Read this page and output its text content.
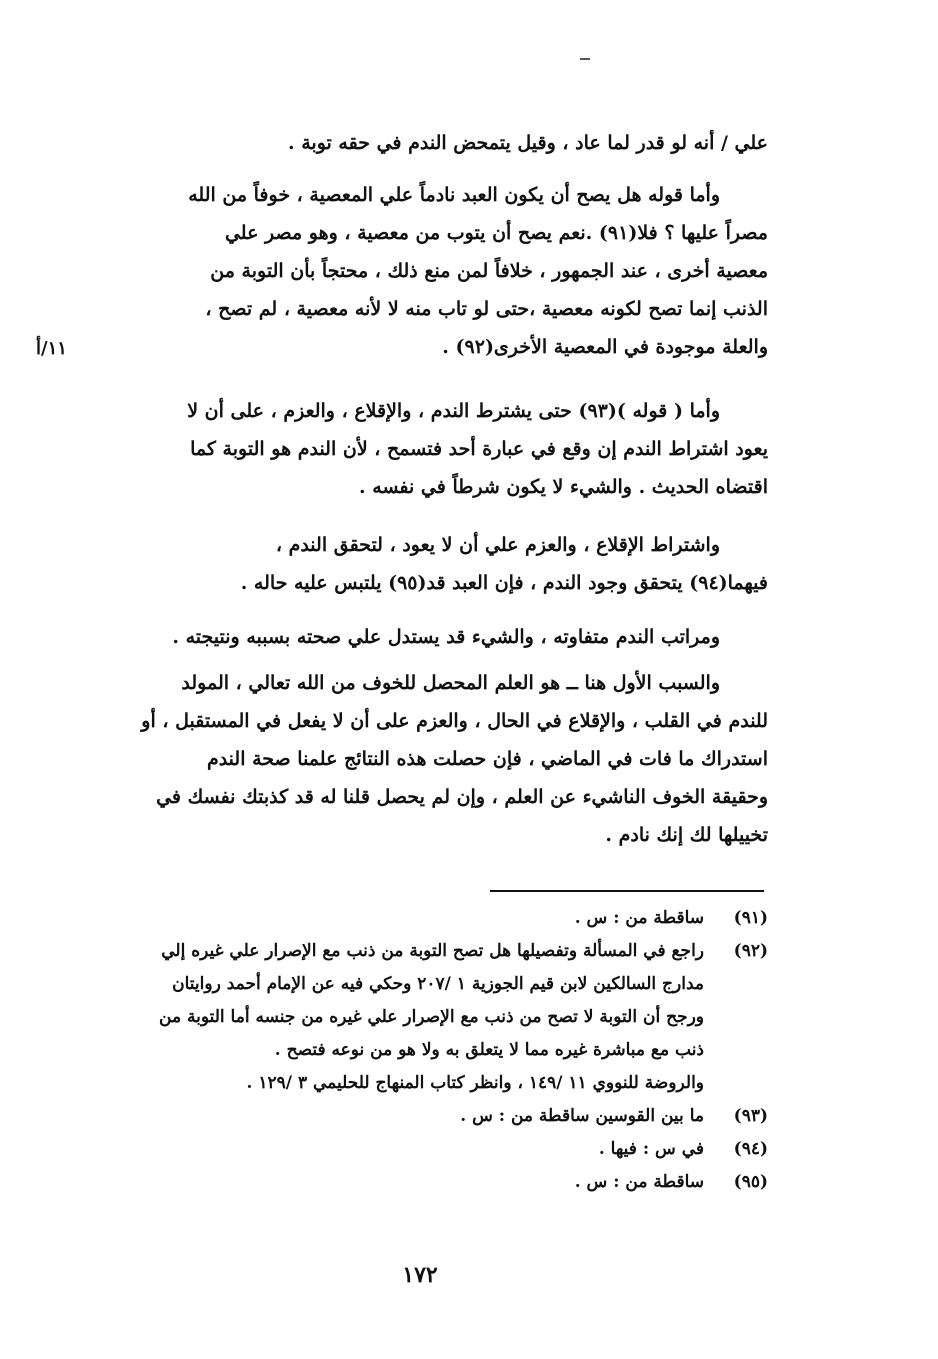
علي / أنه لو قدر لما عاد ، وقيل يتمحض الندم في حقه توبة .
وأما قوله هل يصح أن يكون العبد نادماً علي المعصية ، خوفاً من الله
مصراً عليها ؟ فلا(٩١) .نعم يصح أن يتوب من معصية ، وهو مصر علي
معصية أخرى ، عند الجمهور ، خلافاً لمن منع ذلك ، محتجاً بأن التوبة من
الذنب إنما تصح لكونه معصية ،حتى لو تاب منه لا لأنه معصية ، لم تصح ،
والعلة موجودة في المعصية الأخرى(٩٢) .
١١/أ
وأما ( قوله )(٩٣) حتى يشترط الندم ، والإقلاع ، والعزم ، على أن لا
يعود اشتراط الندم إن وقع في عبارة أحد فتسمح ، لأن الندم هو التوبة كما
اقتضاه الحديث . والشيء لا يكون شرطاً في نفسه .
واشتراط الإقلاع ، والعزم علي أن لا يعود ، لتحقق الندم ،
فيهما(٩٤) يتحقق وجود الندم ، فإن العبد قد(٩٥) يلتبس عليه حاله .
ومراتب الندم متفاوته ، والشيء قد يستدل علي صحته بسببه ونتيجته .
والسبب الأول هنا ــ هو العلم المحصل للخوف من الله تعالي ، المولد
للندم في القلب ، والإقلاع في الحال ، والعزم على أن لا يفعل في المستقبل ، أو
استدراك ما فات في الماضي ، فإن حصلت هذه النتائج علمنا صحة الندم
وحقيقة الخوف الناشيء عن العلم ، وإن لم يحصل قلنا له قد كذبتك نفسك في
تخييلها لك إنك نادم .
(٩١)
ساقطة من : س .
(٩٢)
راجع في المسألة وتفصيلها هل تصح التوبة من ذنب مع الإصرار علي غيره إلي
مدارج السالكين لابن قيم الجوزية ١ /٢٠٧ وحكي فيه عن الإمام أحمد روايتان
ورجح أن التوبة لا تصح من ذنب مع الإصرار علي غيره من جنسه أما التوبة من
ذنب مع مباشرة غيره مما لا يتعلق به ولا هو من نوعه فتصح .
والروضة للنووي ١١ /١٤٩ ، وانظر كتاب المنهاج للحليمي ٣ /١٢٩ .
(٩٣)
ما بين القوسين ساقطة من : س .
(٩٤)
في س : فيها .
(٩٥)
ساقطة من : س .
١٧٢
